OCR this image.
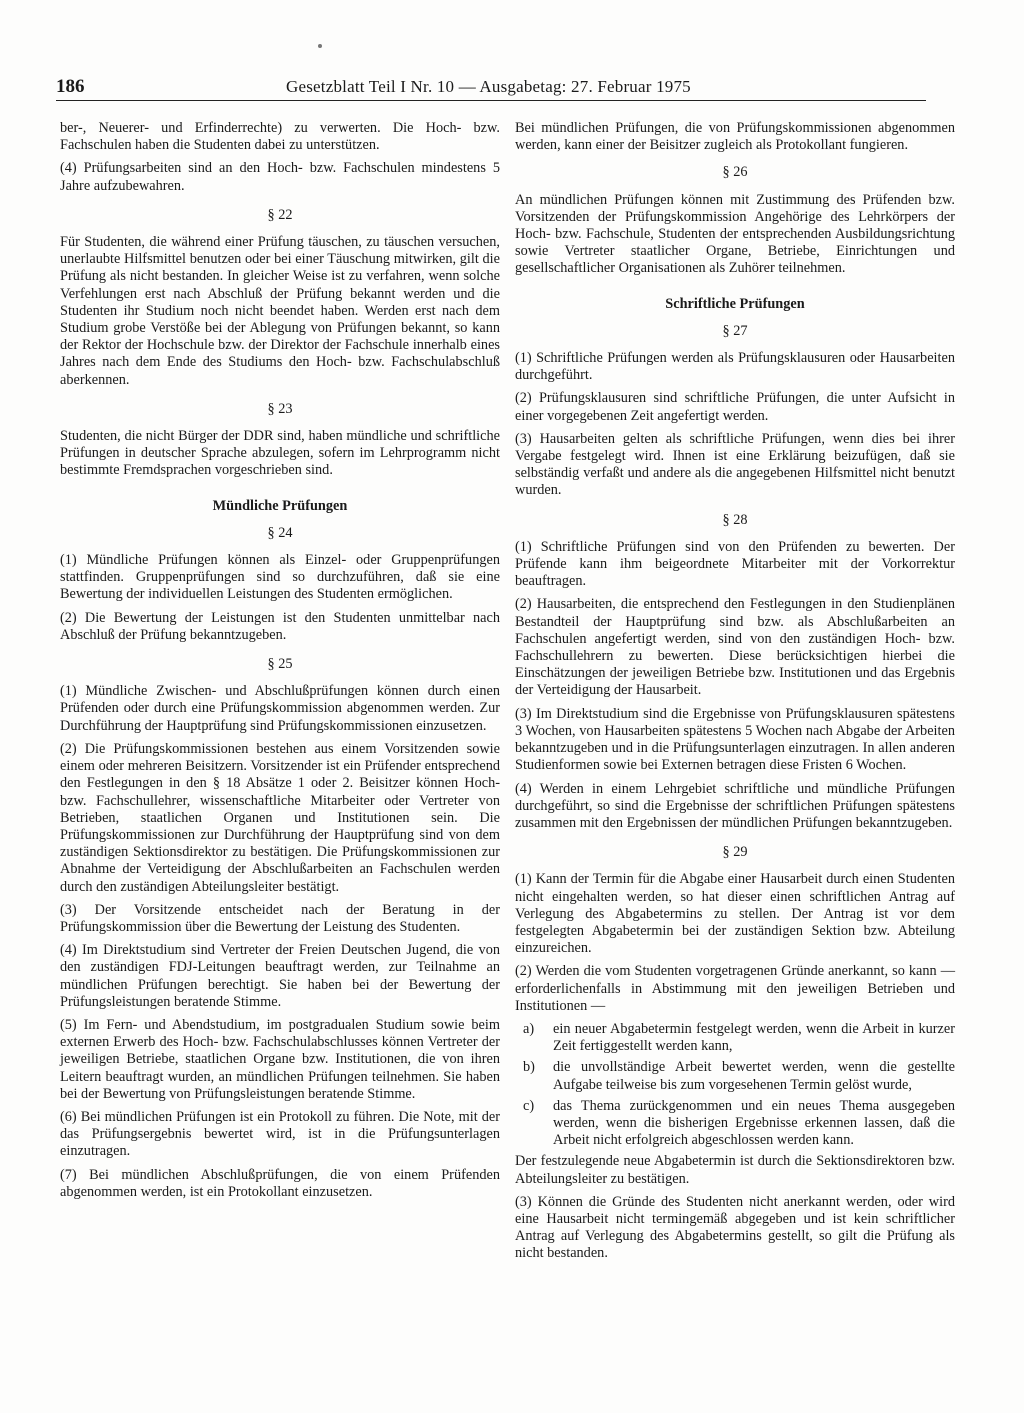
186	Gesetzblatt Teil I Nr. 10 — Ausgabetag: 27. Februar 1975

ber-, Neuerer- und Erfinderrechte) zu verwerten. Die Hoch- bzw. Fachschulen haben die Studenten dabei zu unterstützen.

(4) Prüfungsarbeiten sind an den Hoch- bzw. Fachschulen mindestens 5 Jahre aufzubewahren.

§ 22

Für Studenten, die während einer Prüfung täuschen, zu täuschen versuchen, unerlaubte Hilfsmittel benutzen oder bei einer Täuschung mitwirken, gilt die Prüfung als nicht bestanden. In gleicher Weise ist zu verfahren, wenn solche Verfehlungen erst nach Abschluß der Prüfung bekannt werden und die Studenten ihr Studium noch nicht beendet haben. Werden erst nach dem Studium grobe Verstöße bei der Ablegung von Prüfungen bekannt, so kann der Rektor der Hochschule bzw. der Direktor der Fachschule innerhalb eines Jahres nach dem Ende des Studiums den Hoch- bzw. Fachschulabschluß aberkennen.

§ 23

Studenten, die nicht Bürger der DDR sind, haben mündliche und schriftliche Prüfungen in deutscher Sprache abzulegen, sofern im Lehrprogramm nicht bestimmte Fremdsprachen vorgeschrieben sind.

Mündliche Prüfungen
§ 24

(1) Mündliche Prüfungen können als Einzel- oder Gruppenprüfungen stattfinden. Gruppenprüfungen sind so durchzuführen, daß sie eine Bewertung der individuellen Leistungen des Studenten ermöglichen.

(2) Die Bewertung der Leistungen ist den Studenten unmittelbar nach Abschluß der Prüfung bekanntzugeben.

§ 25

(1) Mündliche Zwischen- und Abschlußprüfungen können durch einen Prüfenden oder durch eine Prüfungskommission abgenommen werden. Zur Durchführung der Hauptprüfung sind Prüfungskommissionen einzusetzen.

(2) Die Prüfungskommissionen bestehen aus einem Vorsitzenden sowie einem oder mehreren Beisitzern. Vorsitzender ist ein Prüfender entsprechend den Festlegungen in den § 18 Absätze 1 oder 2. Beisitzer können Hoch- bzw. Fachschullehrer, wissenschaftliche Mitarbeiter oder Vertreter von Betrieben, staatlichen Organen und Institutionen sein. Die Prüfungskommissionen zur Durchführung der Hauptprüfung sind von dem zuständigen Sektionsdirektor zu bestätigen. Die Prüfungskommissionen zur Abnahme der Verteidigung der Abschlußarbeiten an Fachschulen werden durch den zuständigen Abteilungsleiter bestätigt.

(3) Der Vorsitzende entscheidet nach der Beratung in der Prüfungskommission über die Bewertung der Leistung des Studenten.

(4) Im Direktstudium sind Vertreter der Freien Deutschen Jugend, die von den zuständigen FDJ-Leitungen beauftragt werden, zur Teilnahme an mündlichen Prüfungen berechtigt. Sie haben bei der Bewertung der Prüfungsleistungen beratende Stimme.

(5) Im Fern- und Abendstudium, im postgradualen Studium sowie beim externen Erwerb des Hoch- bzw. Fachschulabschlusses können Vertreter der jeweiligen Betriebe, staatlichen Organe bzw. Institutionen, die von ihren Leitern beauftragt wurden, an mündlichen Prüfungen teilnehmen. Sie haben bei der Bewertung von Prüfungsleistungen beratende Stimme.

(6) Bei mündlichen Prüfungen ist ein Protokoll zu führen. Die Note, mit der das Prüfungsergebnis bewertet wird, ist in die Prüfungsunterlagen einzutragen.

(7) Bei mündlichen Abschlußprüfungen, die von einem Prüfenden abgenommen werden, ist ein Protokollant einzusetzen.

Bei mündlichen Prüfungen, die von Prüfungskommissionen abgenommen werden, kann einer der Beisitzer zugleich als Protokollant fungieren.

§ 26

An mündlichen Prüfungen können mit Zustimmung des Prüfenden bzw. Vorsitzenden der Prüfungskommission Angehörige des Lehrkörpers der Hoch- bzw. Fachschule, Studenten der entsprechenden Ausbildungsrichtung sowie Vertreter staatlicher Organe, Betriebe, Einrichtungen und gesellschaftlicher Organisationen als Zuhörer teilnehmen.

Schriftliche Prüfungen
§ 27

(1) Schriftliche Prüfungen werden als Prüfungsklausuren oder Hausarbeiten durchgeführt.

(2) Prüfungsklausuren sind schriftliche Prüfungen, die unter Aufsicht in einer vorgegebenen Zeit angefertigt werden.

(3) Hausarbeiten gelten als schriftliche Prüfungen, wenn dies bei ihrer Vergabe festgelegt wird. Ihnen ist eine Erklärung beizufügen, daß sie selbständig verfaßt und andere als die angegebenen Hilfsmittel nicht benutzt wurden.

§ 28

(1) Schriftliche Prüfungen sind von den Prüfenden zu bewerten. Der Prüfende kann ihm beigeordnete Mitarbeiter mit der Vorkorrektur beauftragen.

(2) Hausarbeiten, die entsprechend den Festlegungen in den Studienplänen Bestandteil der Hauptprüfung sind bzw. als Abschlußarbeiten an Fachschulen angefertigt werden, sind von den zuständigen Hoch- bzw. Fachschullehrern zu bewerten. Diese berücksichtigen hierbei die Einschätzungen der jeweiligen Betriebe bzw. Institutionen und das Ergebnis der Verteidigung der Hausarbeit.

(3) Im Direktstudium sind die Ergebnisse von Prüfungsklausuren spätestens 3 Wochen, von Hausarbeiten spätestens 5 Wochen nach Abgabe der Arbeiten bekanntzugeben und in die Prüfungsunterlagen einzutragen. In allen anderen Studienformen sowie bei Externen betragen diese Fristen 6 Wochen.

(4) Werden in einem Lehrgebiet schriftliche und mündliche Prüfungen durchgeführt, so sind die Ergebnisse der schriftlichen Prüfungen spätestens zusammen mit den Ergebnissen der mündlichen Prüfungen bekanntzugeben.

§ 29

(1) Kann der Termin für die Abgabe einer Hausarbeit durch einen Studenten nicht eingehalten werden, so hat dieser einen schriftlichen Antrag auf Verlegung des Abgabetermins zu stellen. Der Antrag ist vor dem festgelegten Abgabetermin bei der zuständigen Sektion bzw. Abteilung einzureichen.

(2) Werden die vom Studenten vorgetragenen Gründe anerkannt, so kann — erforderlichenfalls in Abstimmung mit den jeweiligen Betrieben und Institutionen —

a)	ein neuer Abgabetermin festgelegt werden, wenn die Arbeit in kurzer Zeit fertiggestellt werden kann,
b)	die unvollständige Arbeit bewertet werden, wenn die gestellte Aufgabe teilweise bis zum vorgesehenen Termin gelöst wurde,
c)	das Thema zurückgenommen und ein neues Thema ausgegeben werden, wenn die bisherigen Ergebnisse erkennen lassen, daß die Arbeit nicht erfolgreich abgeschlossen werden kann.

Der festzulegende neue Abgabetermin ist durch die Sektionsdirektoren bzw. Abteilungsleiter zu bestätigen.

(3) Können die Gründe des Studenten nicht anerkannt werden, oder wird eine Hausarbeit nicht termingemäß abgegeben und ist kein schriftlicher Antrag auf Verlegung des Abgabetermins gestellt, so gilt die Prüfung als nicht bestanden.
